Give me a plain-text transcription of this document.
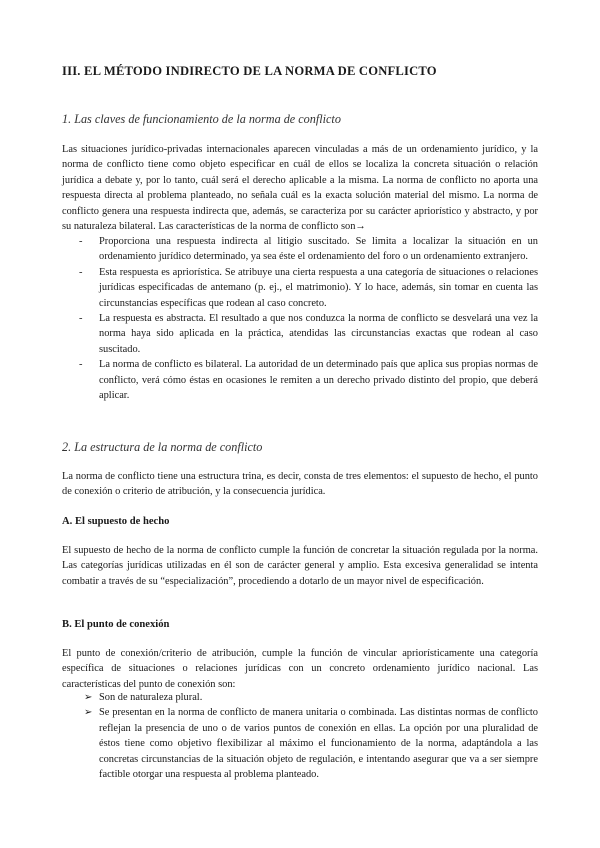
III. EL MÉTODO INDIRECTO DE LA NORMA DE CONFLICTO
1. Las claves de funcionamiento de la norma de conflicto

Las situaciones jurídico-privadas internacionales aparecen vinculadas a más de un ordenamiento jurídico, y la norma de conflicto tiene como objeto especificar en cuál de ellos se localiza la concreta situación o relación jurídica a debate y, por lo tanto, cuál será el derecho aplicable a la misma. La norma de conflicto no aporta una respuesta directa al problema planteado, no señala cuál es la exacta solución material del mismo. La norma de conflicto genera una respuesta indirecta que, además, se caracteriza por su carácter apriorístico y abstracto, y por su naturaleza bilateral. Las características de la norma de conflicto son→

- Proporciona una respuesta indirecta al litigio suscitado. Se limita a localizar la situación en un ordenamiento jurídico determinado, ya sea éste el ordenamiento del foro o un ordenamiento extranjero.
- Esta respuesta es apriorística. Se atribuye una cierta respuesta a una categoría de situaciones o relaciones jurídicas especificadas de antemano (p. ej., el matrimonio). Y lo hace, además, sin tomar en cuenta las circunstancias específicas que rodean al caso concreto.
- La respuesta es abstracta. El resultado a que nos conduzca la norma de conflicto se desvelará una vez la norma haya sido aplicada en la práctica, atendidas las circunstancias exactas que rodean al caso suscitado.
- La norma de conflicto es bilateral. La autoridad de un determinado país que aplica sus propias normas de conflicto, verá cómo éstas en ocasiones le remiten a un derecho privado distinto del propio, que deberá aplicar.
2. La estructura de la norma de conflicto

La norma de conflicto tiene una estructura trina, es decir, consta de tres elementos: el supuesto de hecho, el punto de conexión o criterio de atribución, y la consecuencia jurídica.

A. El supuesto de hecho

El supuesto de hecho de la norma de conflicto cumple la función de concretar la situación regulada por la norma. Las categorías jurídicas utilizadas en él son de carácter general y amplio. Esta excesiva generalidad se intenta combatir a través de su “especialización”, procediendo a dotarlo de un mayor nivel de especificación.

B. El punto de conexión

El punto de conexión/criterio de atribución, cumple la función de vincular apriorísticamente una categoría específica de situaciones o relaciones jurídicas con un concreto ordenamiento jurídico nacional. Las características del punto de conexión son:

➢ Son de naturaleza plural.
➢ Se presentan en la norma de conflicto de manera unitaria o combinada. Las distintas normas de conflicto reflejan la presencia de uno o de varios puntos de conexión en ellas. La opción por una pluralidad de éstos tiene como objetivo flexibilizar al máximo el funcionamiento de la norma, adaptándola a las concretas circunstancias de la situación objeto de regulación, e intentando asegurar que va a ser siempre factible otorgar una respuesta al problema planteado.
